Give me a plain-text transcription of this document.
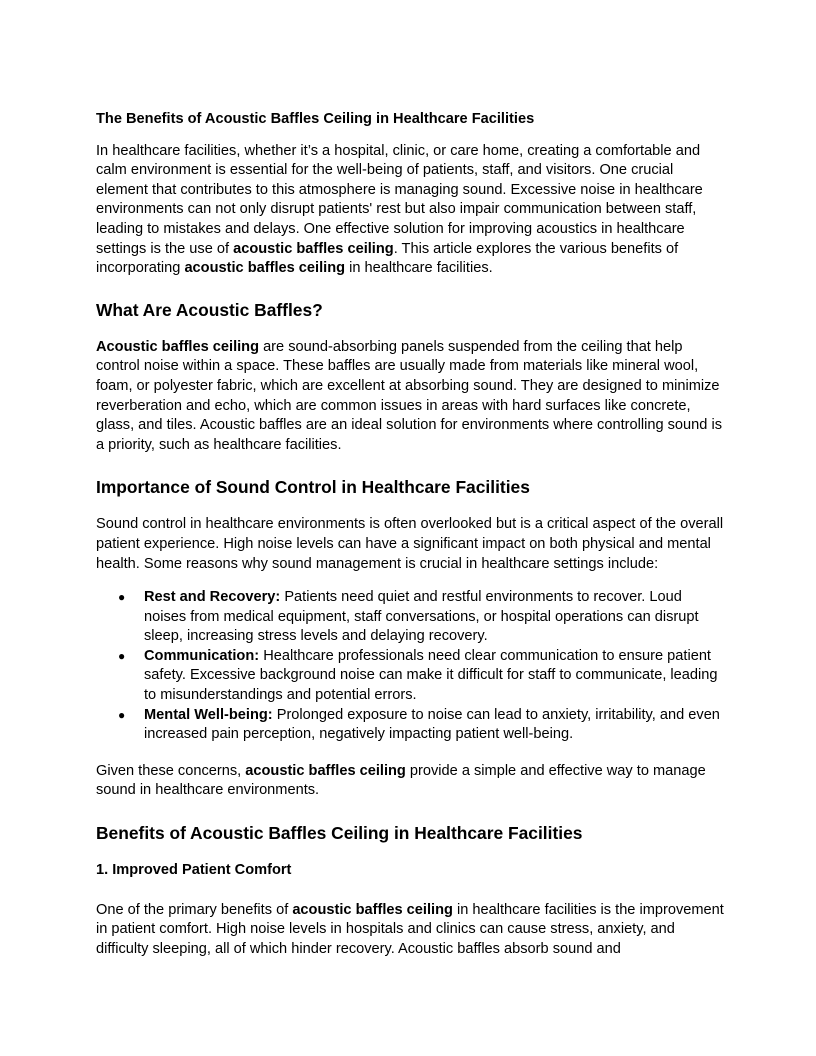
The Benefits of Acoustic Baffles Ceiling in Healthcare Facilities

In healthcare facilities, whether it’s a hospital, clinic, or care home, creating a comfortable and calm environment is essential for the well-being of patients, staff, and visitors. One crucial element that contributes to this atmosphere is managing sound. Excessive noise in healthcare environments can not only disrupt patients' rest but also impair communication between staff, leading to mistakes and delays. One effective solution for improving acoustics in healthcare settings is the use of acoustic baffles ceiling. This article explores the various benefits of incorporating acoustic baffles ceiling in healthcare facilities.

What Are Acoustic Baffles?

Acoustic baffles ceiling are sound-absorbing panels suspended from the ceiling that help control noise within a space. These baffles are usually made from materials like mineral wool, foam, or polyester fabric, which are excellent at absorbing sound. They are designed to minimize reverberation and echo, which are common issues in areas with hard surfaces like concrete, glass, and tiles. Acoustic baffles are an ideal solution for environments where controlling sound is a priority, such as healthcare facilities.

Importance of Sound Control in Healthcare Facilities

Sound control in healthcare environments is often overlooked but is a critical aspect of the overall patient experience. High noise levels can have a significant impact on both physical and mental health. Some reasons why sound management is crucial in healthcare settings include:

● Rest and Recovery: Patients need quiet and restful environments to recover. Loud noises from medical equipment, staff conversations, or hospital operations can disrupt sleep, increasing stress levels and delaying recovery.
● Communication: Healthcare professionals need clear communication to ensure patient safety. Excessive background noise can make it difficult for staff to communicate, leading to misunderstandings and potential errors.
● Mental Well-being: Prolonged exposure to noise can lead to anxiety, irritability, and even increased pain perception, negatively impacting patient well-being.

Given these concerns, acoustic baffles ceiling provide a simple and effective way to manage sound in healthcare environments.

Benefits of Acoustic Baffles Ceiling in Healthcare Facilities
1. Improved Patient Comfort

One of the primary benefits of acoustic baffles ceiling in healthcare facilities is the improvement in patient comfort. High noise levels in hospitals and clinics can cause stress, anxiety, and difficulty sleeping, all of which hinder recovery. Acoustic baffles absorb sound and
